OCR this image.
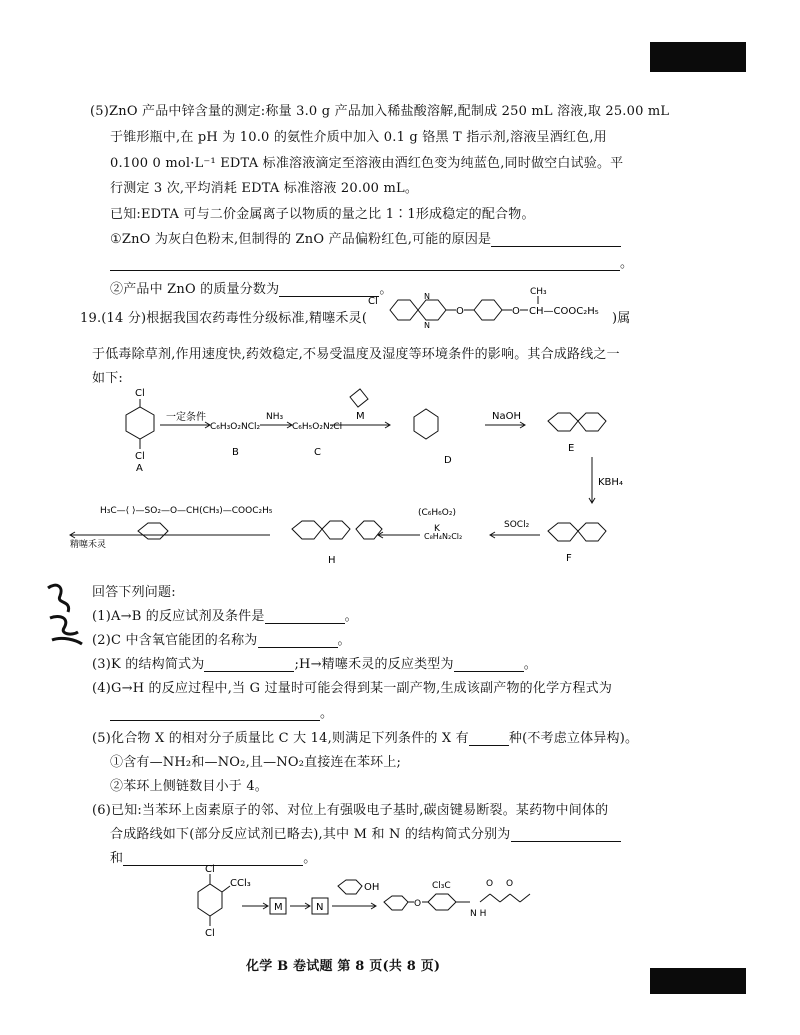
(5)ZnO 产品中锌含量的测定:称量 3.0 g 产品加入稀盐酸溶解,配制成 250 mL 溶液,取 25.00 mL
于锥形瓶中,在 pH 为 10.0 的氨性介质中加入 0.1 g 铬黑 T 指示剂,溶液呈酒红色,用
0.100 0 mol·L⁻¹ EDTA 标准溶液滴定至溶液由酒红色变为纯蓝色,同时做空白试验。平
行测定 3 次,平均消耗 EDTA 标准溶液 20.00 mL。
已知:EDTA 可与二价金属离子以物质的量之比 1∶1形成稳定的配合物。
①ZnO 为灰白色粉末,但制得的 ZnO 产品偏粉红色,可能的原因是
。
②产品中 ZnO 的质量分数为	。
19.(14 分)根据我国农药毒性分级标准,精噻禾灵(
Cl	N
N
O	O
CH₃
CH—COOC₂H₅ )属
于低毒除草剂,作用速度快,药效稳定,不易受温度及湿度等环境条件的影响。其合成路线之一
如下:
Cl
Cl
A
一定条件
C₆H₃O₂NCl₂
B
NH₃
C₆H₅O₂N₂Cl
C
M
D
NaOH
E
KBH₄
F
SOCl₂
C₈H₄N₂Cl₂
(C₆H₆O₂)
K
H
H₃C—⟨ ⟩—SO₂—O—CH(CH₃)—COOC₂H₅
精噻禾灵
回答下列问题:
(1)A→B 的反应试剂及条件是	。
(2)C 中含氧官能团的名称为	。
(3)K 的结构简式为	;H→精噻禾灵的反应类型为	。
(4)G→H 的反应过程中,当 G 过量时可能会得到某一副产物,生成该副产物的化学方程式为
。
(5)化合物 X 的相对分子质量比 C 大 14,则满足下列条件的 X 有	种(不考虑立体异构)。
①含有—NH₂和—NO₂,且—NO₂直接连在苯环上;
②苯环上侧链数目小于 4。
(6)已知:当苯环上卤素原子的邻、对位上有强吸电子基时,碳卤键易断裂。某药物中间体的
合成路线如下(部分反应试剂已略去),其中 M 和 N 的结构简式分别为
和	。
Cl
CCl₃
Cl
M	N
OH
O
Cl₃C
N H
O O
化学 B 卷试题 第 8 页(共 8 页)
